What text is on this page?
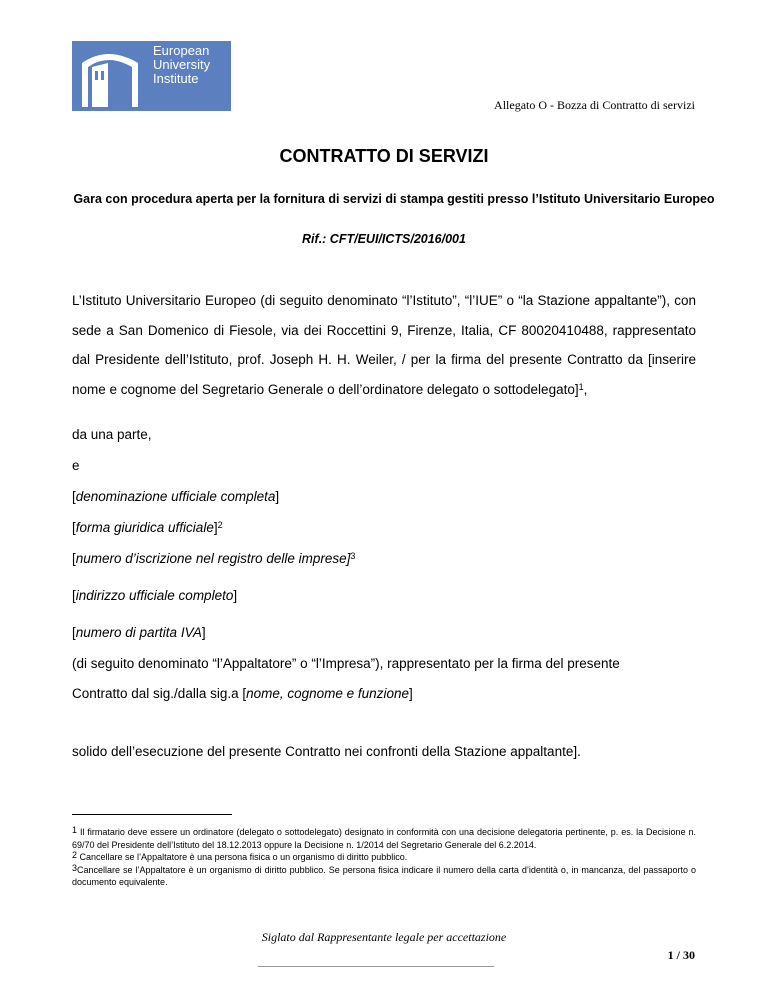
European
University
Institute
Allegato O - Bozza di Contratto di servizi
CONTRATTO DI SERVIZI
Gara con procedura aperta per la fornitura di servizi di stampa gestiti presso l’Istituto Universitario Europeo
Rif.: CFT/EUI/ICTS/2016/001
L’Istituto Universitario Europeo (di seguito denominato “l’Istituto”, “l’IUE” o “la Stazione appaltante”), con sede a San Domenico di Fiesole, via dei Roccettini 9, Firenze, Italia, CF 80020410488, rappresentato dal Presidente dell’Istituto, prof. Joseph H. H. Weiler, / per la firma del presente Contratto da [inserire nome e cognome del Segretario Generale o dell’ordinatore delegato o sottodelegato]$^1$,
da una parte,
e
[denominazione ufficiale completa]
[forma giuridica ufficiale]$^2$
[numero d’iscrizione nel registro delle imprese]$^3$
[indirizzo ufficiale completo]
[numero di partita IVA]
(di seguito denominato “l’Appaltatore” o “l’Impresa”), rappresentato per la firma del presente
Contratto dal sig./dalla sig.a [nome, cognome e funzione]
$^1$ Il firmatario deve essere un ordinatore (delegato o sottodelegato) designato in conformità con una decisione delegatoria pertinente, p. es. la Decisione n. 69/70 del Presidente dell’Istituto del 18.12.2013 oppure la Decisione n. 1/2014 del Segretario Generale del 6.2.2014.
$^2$ Cancellare se l’Appaltatore è una persona fisica o un organismo di diritto pubblico.
$^3$Cancellare se l’Appaltatore è un organismo di diritto pubblico. Se persona fisica indicare il numero della carta d’identità o, in mancanza, del passaporto o documento equivalente.
Siglato dal Rappresentante legale per accettazione
1 / 30
solido dell’esecuzione del presente Contratto nei confronti della Stazione appaltante].
